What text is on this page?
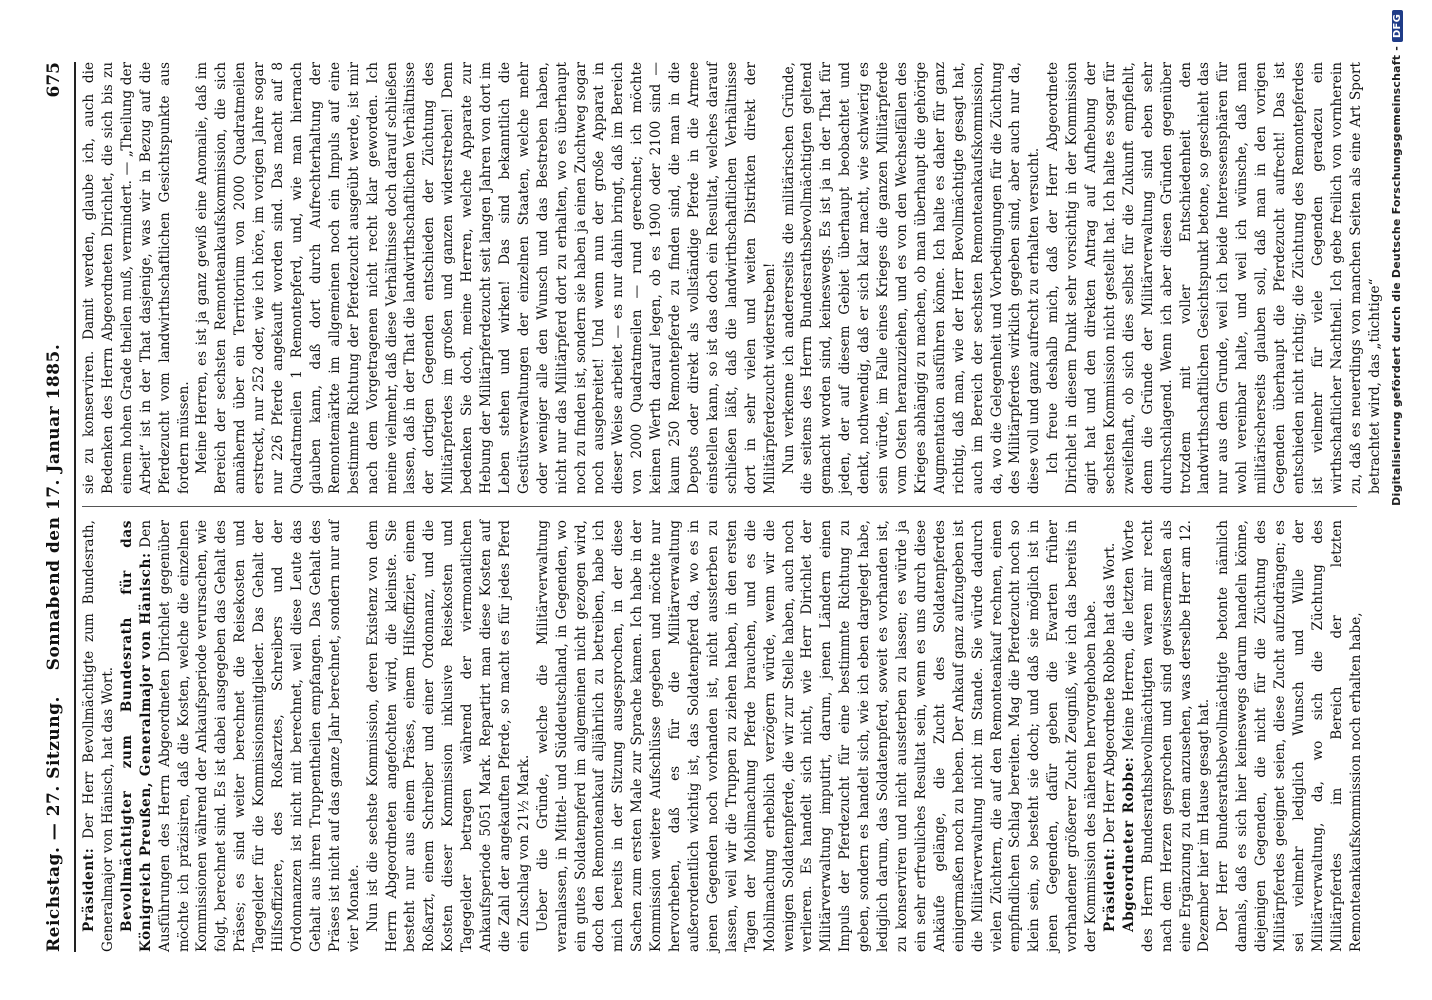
Reichstag. — 27. Sitzung.
Sonnabend den 17. Januar 1885.
675

Präsident: Der Herr Bevollmächtigte zum Bundesrath, Generalmajor von Hänisch, hat das Wort. Bevollmächtigter zum Bundesrath für das Königreich Preußen, Generalmajor von Hänisch: Den Ausführungen des Herrn Abgeordneten Dirichlet gegenüber möchte ich präzisiren, daß die Kosten, welche die einzelnen Kommissionen während der Ankaufsperiode verursachen, wie folgt, berechnet sind. Es ist dabei ausgegeben das Gehalt des Präses; es sind weiter berechnet die Reisekosten und Tagegelder für die Kommissionsmitglieder. Das Gehalt der Hilfsoffiziere, des Roßarztes, Schreibers und der Ordonnanzen ist nicht mit berechnet, weil diese Leute das Gehalt aus ihren Truppentheilen empfangen. Das Gehalt des Präses ist nicht auf das ganze Jahr berechnet, sondern nur auf vier Monate. Nun ist die sechste Kommission, deren Existenz von dem Herrn Abgeordneten angefochten wird, die kleinste. Sie besteht nur aus einem Präses, einem Hilfsoffizier, einem Roßarzt, einem Schreiber und einer Ordonnanz, und die Kosten dieser Kommission inklusive Reisekosten und Tagegelder betragen während der viermonatlichen Ankaufsperiode 5051 Mark. Repartirt man diese Kosten auf die Zahl der angekauften Pferde, so macht es für jedes Pferd ein Zuschlag von 21½ Mark. Ueber die Gründe, welche die Militärverwaltung veranlassen, in Mittel- und Süddeutschland, in Gegenden, wo ein gutes Soldatenpferd im allgemeinen nicht gezogen wird, doch den Remonteankauf alljährlich zu betreiben, habe ich mich bereits in der Sitzung ausgesprochen, in der diese Sachen zum ersten Male zur Sprache kamen. Ich habe in der Kommission weitere Aufschlüsse gegeben und möchte nur hervorheben, daß es für die Militärverwaltung außerordentlich wichtig ist, das Soldatenpferd da, wo es in jenen Gegenden noch vorhanden ist, nicht aussterben zu lassen, weil wir die Truppen zu ziehen haben, in den ersten Tagen der Mobilmachung Pferde brauchen, und es die Mobilmachung erheblich verzögern würde, wenn wir die wenigen Soldatenpferde, die wir zur Stelle haben, auch noch verlieren. Es handelt sich nicht, wie Herr Dirichlet der Militärverwaltung imputirt, darum, jenen Ländern einen Impuls der Pferdezucht für eine bestimmte Richtung zu geben, sondern es handelt sich, wie ich eben dargelegt habe, lediglich darum, das Soldatenpferd, soweit es vorhanden ist, zu konserviren und nicht aussterben zu lassen; es würde ja ein sehr erfreuliches Resultat sein, wenn es uns durch diese Ankäufe gelänge, die Zucht des Soldatenpferdes einigermaßen noch zu heben. Der Ankauf ganz aufzugeben ist die Militärverwaltung nicht im Stande. Sie würde dadurch vielen Züchtern, die auf den Remonteankauf rechnen, einen empfindlichen Schlag bereiten. Mag die Pferdezucht noch so klein sein, so besteht sie doch; und daß sie möglich ist in jenen Gegenden, dafür geben die Ewarten früher vorhandener größerer Zucht Zeugniß, wie ich das bereits in der Kommission des näheren hervorgehoben habe. Präsident: Der Herr Abgeordnete Robbe hat das Wort.

Abgeordneter Robbe: Meine Herren, die letzten Worte des Herrn Bundesrathsbevollmächtigten waren mir recht nach dem Herzen gesprochen und sind gewissermaßen als eine Ergänzung zu dem anzusehen, was derselbe Herr am 12. Dezember hier im Hause gesagt hat. Der Herr Bundesrathsbevollmächtigte betonte nämlich damals, daß es sich hier keineswegs darum handeln könne, diejenigen Gegenden, die nicht für die Züchtung des Militärpferdes geeignet seien, diese Zucht aufzudrängen; es sei vielmehr lediglich Wunsch und Wille der Militärverwaltung, da, wo sich die Züchtung des Militärpferdes im Bereich der letzten Remonteankaufskommission noch erhalten habe,

sie zu konserviren. Damit werden, glaube ich, auch die Bedenken des Herrn Abgeordneten Dirichlet, die sich bis zu einem hohen Grade theilen muß, vermindert. — „Theilung der Arbeit“ ist in der That dasjenige, was wir in Bezug auf die Pferdezucht vom landwirthschaftlichen Gesichtspunkte aus fordern müssen. Meine Herren, es ist ja ganz gewiß eine Anomalie, daß im Bereich der sechsten Remonteankaufskommission, die sich annähernd über ein Territorium von 2000 Quadratmeilen erstreckt, nur 252 oder, wie ich höre, im vorigen Jahre sogar nur 226 Pferde angekauft worden sind. Das macht auf 8 Quadratmeilen 1 Remontepferd, und, wie man hiernach glauben kann, daß dort durch Aufrechterhaltung der Remontemärkte im allgemeinen noch ein Impuls auf eine bestimmte Richtung der Pferdezucht ausgeübt werde, ist mir nach dem Vorgetragenen nicht recht klar geworden. Ich meine vielmehr, daß diese Verhältnisse doch darauf schließen lassen, daß in der That die landwirthschaftlichen Verhältnisse der dortigen Gegenden entschieden der Züchtung des Militärpferdes im großen und ganzen widerstreben! Denn bedenken Sie doch, meine Herren, welche Apparate zur Hebung der Militärpferdezucht seit langen Jahren von dort im Leben stehen und wirken! Das sind bekanntlich die Gestütsverwaltungen der einzelnen Staaten, welche mehr oder weniger alle den Wunsch und das Bestreben haben, nicht nur das Militärpferd dort zu erhalten, wo es überhaupt noch zu finden ist, sondern sie haben ja einen Zuchtweg sogar noch ausgebreitet! Und wenn nun der große Apparat in dieser Weise arbeitet — es nur dahin bringt, daß im Bereich von 2000 Quadratmeilen — rund gerechnet; ich möchte keinen Werth darauf legen, ob es 1900 oder 2100 sind — kaum 250 Remontepferde zu finden sind, die man in die Depots oder direkt als vollständige Pferde in die Armee einstellen kann, so ist das doch ein Resultat, welches darauf schließen läßt, daß die landwirthschaftlichen Verhältnisse dort in sehr vielen und weiten Distrikten direkt der Militärpferdezucht widerstreben! Nun verkenne ich andererseits die militärischen Gründe, die seitens des Herrn Bundesrathsbevollmächtigten geltend gemacht worden sind, keineswegs. Es ist ja in der That für jeden, der auf diesem Gebiet überhaupt beobachtet und denkt, nothwendig, daß er sich klar macht, wie schwierig es sein würde, im Falle eines Krieges die ganzen Militärpferde vom Osten heranzuziehen, und es von den Wechselfällen des Krieges abhängig zu machen, ob man überhaupt die gehörige Augmentation ausführen könne. Ich halte es daher für ganz richtig, daß man, wie der Herr Bevollmächtigte gesagt hat, auch im Bereich der sechsten Remonteankaufskommission, da, wo die Gelegenheit und Vorbedingungen für die Züchtung des Militärpferdes wirklich gegeben sind, aber auch nur da, diese voll und ganz aufrecht zu erhalten versucht. Ich freue deshalb mich, daß der Herr Abgeordnete Dirichlet in diesem Punkt sehr vorsichtig in der Kommission agirt hat und den direkten Antrag auf Aufhebung der sechsten Kommission nicht gestellt hat. Ich halte es sogar für zweifelhaft, ob sich dies selbst für die Zukunft empfiehlt, denn die Gründe der Militärverwaltung sind eben sehr durchschlagend. Wenn ich aber diesen Gründen gegenüber trotzdem mit voller Entschiedenheit den landwirthschaftlichen Gesichtspunkt betone, so geschieht das nur aus dem Grunde, weil ich beide Interessensphären für wohl vereinbar halte, und weil ich wünsche, daß man militärischerseits glauben soll, daß man in den vorigen Gegenden überhaupt die Pferdezucht aufrecht! Das ist entschieden nicht richtig; die Züchtung des Remontepferdes ist vielmehr für viele Gegenden geradezu ein wirthschaftlicher Nachtheil. Ich gebe freilich von vornherein zu, daß es neuerdings von manchen Seiten als eine Art Sport betrachtet wird, das „tüchtige“ Digitalisierung gefördert durch die Deutsche Forschungsgemeinschaft -DFG
